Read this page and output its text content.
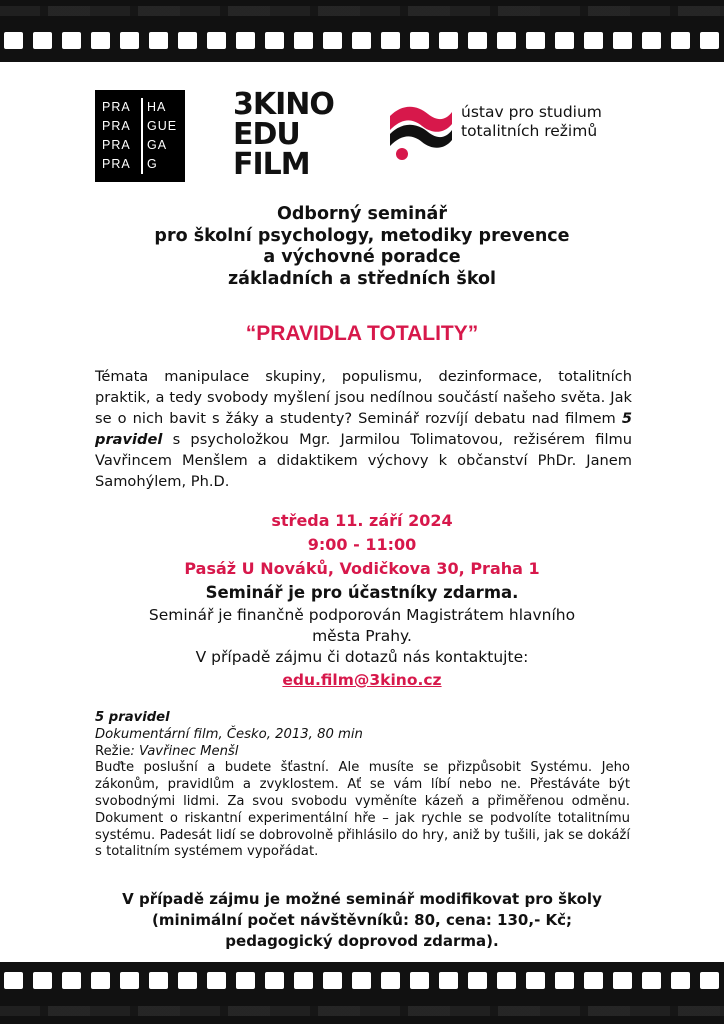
PRA	HA
PRA	GUE
PRA	GA
PRA	G
3KINO
EDU
FILM
ústav pro studium
totalitních režimů
Odborný seminář
pro školní psychology, metodiky prevence
a výchovné poradce
základních a středních škol
“PRAVIDLA TOTALITY”

Témata manipulace skupiny, populismu, dezinformace, totalitních praktik, a tedy svobody myšlení jsou nedílnou součástí našeho světa. Jak se o nich bavit s žáky a studenty? Seminář rozvíjí debatu nad filmem 5 pravidel s psycholožkou Mgr. Jarmilou Tolimatovou, režisérem filmu Vavřincem Menšlem a didaktikem výchovy k občanství PhDr. Janem Samohýlem, Ph.D.

středa 11. září 2024
9:00 - 11:00
Pasáž U Nováků, Vodičkova 30, Praha 1
Seminář je pro účastníky zdarma.
Seminář je finančně podporován Magistrátem hlavního
města Prahy.
V případě zájmu či dotazů nás kontaktujte:
edu.film@3kino.cz

5 pravidel

Dokumentární film, Česko, 2013, 80 min

Režie: Vavřinec Menšl

Buďte poslušní a budete šťastní. Ale musíte se přizpůsobit Systému. Jeho zákonům, pravidlům a zvyklostem. Ať se vám líbí nebo ne. Přestáváte být svobodnými lidmi. Za svou svobodu vyměníte kázeň a přiměřenou odměnu. Dokument o riskantní experimentální hře – jak rychle se podvolíte totalitnímu systému. Padesát lidí se dobrovolně přihlásilo do hry, aniž by tušili, jak se dokáží s totalitním systémem vypořádat.

V případě zájmu je možné seminář modifikovat pro školy
(minimální počet návštěvníků: 80, cena: 130,- Kč;
pedagogický doprovod zdarma).
